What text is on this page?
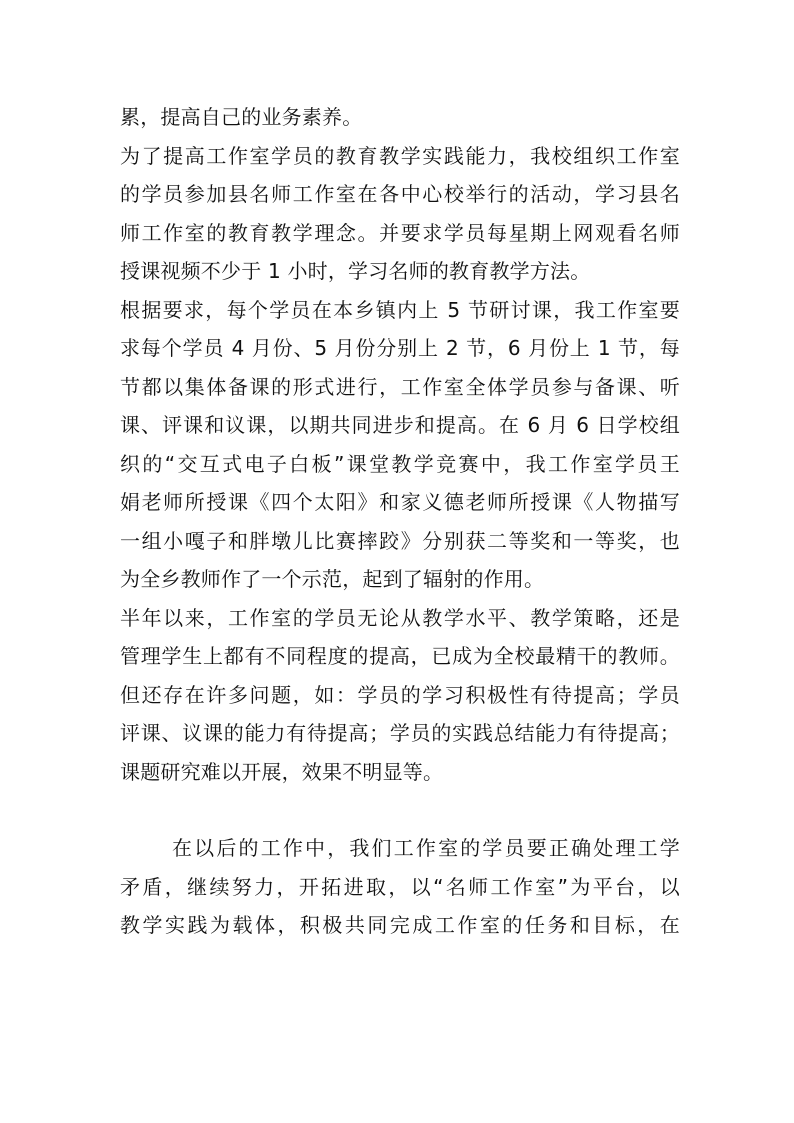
累，提高自己的业务素养。
为了提高工作室学员的教育教学实践能力，我校组织工作室
的学员参加县名师工作室在各中心校举行的活动，学习县名
师工作室的教育教学理念。并要求学员每星期上网观看名师
授课视频不少于 1 小时，学习名师的教育教学方法。
根据要求，每个学员在本乡镇内上 5 节研讨课，我工作室要
求每个学员 4 月份、5 月份分别上 2 节，6 月份上 1 节，每
节都以集体备课的形式进行，工作室全体学员参与备课、听
课、评课和议课，以期共同进步和提高。在 6 月 6 日学校组
织的“交互式电子白板”课堂教学竞赛中，我工作室学员王
娟老师所授课《四个太阳》和家义德老师所授课《人物描写
一组小嘎子和胖墩儿比赛摔跤》分别获二等奖和一等奖，也
为全乡教师作了一个示范，起到了辐射的作用。
半年以来，工作室的学员无论从教学水平、教学策略，还是
管理学生上都有不同程度的提高，已成为全校最精干的教师。
但还存在许多问题，如：学员的学习积极性有待提高；学员
评课、议课的能力有待提高；学员的实践总结能力有待提高；
课题研究难以开展，效果不明显等。
在以后的工作中，我们工作室的学员要正确处理工学
矛盾，继续努力，开拓进取，以“名师工作室”为平台，以
教学实践为载体，积极共同完成工作室的任务和目标，在
